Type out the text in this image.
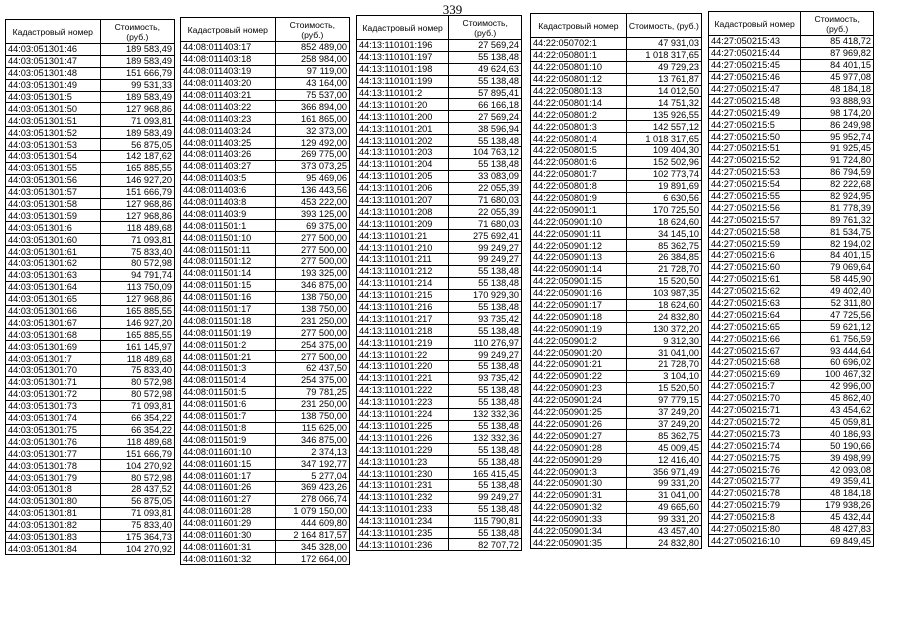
339
Кадастровый номер	Стоимость, (руб.)
44:03:051301:46	189 583,49
44:03:051301:47	189 583,49
44:03:051301:48	151 666,79
44:03:051301:49	99 531,33
44:03:051301:5	189 583,49
44:03:051301:50	127 968,86
44:03:051301:51	71 093,81
44:03:051301:52	189 583,49
44:03:051301:53	56 875,05
44:03:051301:54	142 187,62
44:03:051301:55	165 885,55
44:03:051301:56	146 927,20
44:03:051301:57	151 666,79
44:03:051301:58	127 968,86
44:03:051301:59	127 968,86
44:03:051301:6	118 489,68
44:03:051301:60	71 093,81
44:03:051301:61	75 833,40
44:03:051301:62	80 572,98
44:03:051301:63	94 791,74
44:03:051301:64	113 750,09
44:03:051301:65	127 968,86
44:03:051301:66	165 885,55
44:03:051301:67	146 927,20
44:03:051301:68	165 885,55
44:03:051301:69	161 145,97
44:03:051301:7	118 489,68
44:03:051301:70	75 833,40
44:03:051301:71	80 572,98
44:03:051301:72	80 572,98
44:03:051301:73	71 093,81
44:03:051301:74	66 354,22
44:03:051301:75	66 354,22
44:03:051301:76	118 489,68
44:03:051301:77	151 666,79
44:03:051301:78	104 270,92
44:03:051301:79	80 572,98
44:03:051301:8	28 437,52
44:03:051301:80	56 875,05
44:03:051301:81	71 093,81
44:03:051301:82	75 833,40
44:03:051301:83	175 364,73
44:03:051301:84	104 270,92
Кадастровый номер	Стоимость, (руб.)
44:08:011403:17	852 489,00
44:08:011403:18	258 984,00
44:08:011403:19	97 119,00
44:08:011403:20	43 164,00
44:08:011403:21	75 537,00
44:08:011403:22	366 894,00
44:08:011403:23	161 865,00
44:08:011403:24	32 373,00
44:08:011403:25	129 492,00
44:08:011403:26	269 775,00
44:08:011403:27	373 073,25
44:08:011403:5	95 469,06
44:08:011403:6	136 443,56
44:08:011403:8	453 222,00
44:08:011403:9	393 125,00
44:08:011501:1	69 375,00
44:08:011501:10	277 500,00
44:08:011501:11	277 500,00
44:08:011501:12	277 500,00
44:08:011501:14	193 325,00
44:08:011501:15	346 875,00
44:08:011501:16	138 750,00
44:08:011501:17	138 750,00
44:08:011501:18	231 250,00
44:08:011501:19	277 500,00
44:08:011501:2	254 375,00
44:08:011501:21	277 500,00
44:08:011501:3	62 437,50
44:08:011501:4	254 375,00
44:08:011501:5	79 781,25
44:08:011501:6	231 250,00
44:08:011501:7	138 750,00
44:08:011501:8	115 625,00
44:08:011501:9	346 875,00
44:08:011601:10	2 374,13
44:08:011601:15	347 192,77
44:08:011601:17	5 277,04
44:08:011601:26	369 423,26
44:08:011601:27	278 066,74
44:08:011601:28	1 079 150,00
44:08:011601:29	444 609,80
44:08:011601:30	2 164 817,57
44:08:011601:31	345 328,00
44:08:011601:32	172 664,00
Кадастровый номер	Стоимость, (руб.)
44:13:110101:196	27 569,24
44:13:110101:197	55 138,48
44:13:110101:198	49 624,63
44:13:110101:199	55 138,48
44:13:110101:2	57 895,41
44:13:110101:20	66 166,18
44:13:110101:200	27 569,24
44:13:110101:201	38 596,94
44:13:110101:202	55 138,48
44:13:110101:203	104 763,12
44:13:110101:204	55 138,48
44:13:110101:205	33 083,09
44:13:110101:206	22 055,39
44:13:110101:207	71 680,03
44:13:110101:208	22 055,39
44:13:110101:209	71 680,03
44:13:110101:21	275 692,41
44:13:110101:210	99 249,27
44:13:110101:211	99 249,27
44:13:110101:212	55 138,48
44:13:110101:214	55 138,48
44:13:110101:215	170 929,30
44:13:110101:216	55 138,48
44:13:110101:217	93 735,42
44:13:110101:218	55 138,48
44:13:110101:219	110 276,97
44:13:110101:22	99 249,27
44:13:110101:220	55 138,48
44:13:110101:221	93 735,42
44:13:110101:222	55 138,48
44:13:110101:223	55 138,48
44:13:110101:224	132 332,36
44:13:110101:225	55 138,48
44:13:110101:226	132 332,36
44:13:110101:229	55 138,48
44:13:110101:23	55 138,48
44:13:110101:230	165 415,45
44:13:110101:231	55 138,48
44:13:110101:232	99 249,27
44:13:110101:233	55 138,48
44:13:110101:234	115 790,81
44:13:110101:235	55 138,48
44:13:110101:236	82 707,72
Кадастровый номер	Стоимость, (руб.)
44:22:050702:1	47 931,03
44:22:050801:1	1 018 317,65
44:22:050801:10	49 729,23
44:22:050801:12	13 761,87
44:22:050801:13	14 012,50
44:22:050801:14	14 751,32
44:22:050801:2	135 926,55
44:22:050801:3	142 557,12
44:22:050801:4	1 018 317,65
44:22:050801:5	109 404,30
44:22:050801:6	152 502,96
44:22:050801:7	102 773,74
44:22:050801:8	19 891,69
44:22:050801:9	6 630,56
44:22:050901:1	170 725,50
44:22:050901:10	18 624,60
44:22:050901:11	34 145,10
44:22:050901:12	85 362,75
44:22:050901:13	26 384,85
44:22:050901:14	21 728,70
44:22:050901:15	15 520,50
44:22:050901:16	103 987,35
44:22:050901:17	18 624,60
44:22:050901:18	24 832,80
44:22:050901:19	130 372,20
44:22:050901:2	9 312,30
44:22:050901:20	31 041,00
44:22:050901:21	21 728,70
44:22:050901:22	3 104,10
44:22:050901:23	15 520,50
44:22:050901:24	97 779,15
44:22:050901:25	37 249,20
44:22:050901:26	37 249,20
44:22:050901:27	85 362,75
44:22:050901:28	45 009,45
44:22:050901:29	12 416,40
44:22:050901:3	356 971,49
44:22:050901:30	99 331,20
44:22:050901:31	31 041,00
44:22:050901:32	49 665,60
44:22:050901:33	99 331,20
44:22:050901:34	43 457,40
44:22:050901:35	24 832,80
Кадастровый номер	Стоимость, (руб.)
44:27:050215:43	85 418,72
44:27:050215:44	87 969,82
44:27:050215:45	84 401,15
44:27:050215:46	45 977,08
44:27:050215:47	48 184,18
44:27:050215:48	93 888,93
44:27:050215:49	98 174,20
44:27:050215:5	86 249,98
44:27:050215:50	95 952,74
44:27:050215:51	91 925,45
44:27:050215:52	91 724,80
44:27:050215:53	86 794,59
44:27:050215:54	82 222,68
44:27:050215:55	82 924,95
44:27:050215:56	81 778,39
44:27:050215:57	89 761,32
44:27:050215:58	81 534,75
44:27:050215:59	82 194,02
44:27:050215:6	84 401,15
44:27:050215:60	79 069,64
44:27:050215:61	58 445,90
44:27:050215:62	49 402,40
44:27:050215:63	52 311,80
44:27:050215:64	47 725,56
44:27:050215:65	59 621,12
44:27:050215:66	61 756,59
44:27:050215:67	93 444,64
44:27:050215:68	60 696,02
44:27:050215:69	100 467,32
44:27:050215:7	42 996,00
44:27:050215:70	45 862,40
44:27:050215:71	43 454,62
44:27:050215:72	45 059,81
44:27:050215:73	40 186,93
44:27:050215:74	50 190,66
44:27:050215:75	39 498,99
44:27:050215:76	42 093,08
44:27:050215:77	49 359,41
44:27:050215:78	48 184,18
44:27:050215:79	179 938,26
44:27:050215:8	45 432,44
44:27:050215:80	48 427,83
44:27:050216:10	69 849,45
